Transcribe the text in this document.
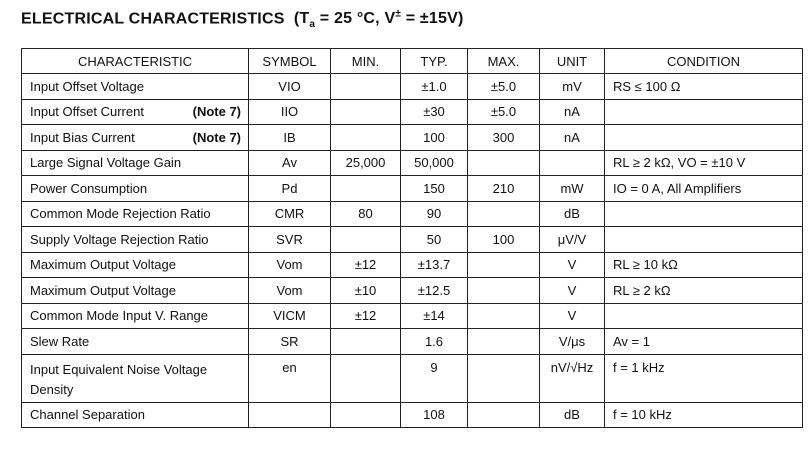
ELECTRICAL CHARACTERISTICS ($T_a = 25$ °C, V± = ±15V)
CHARACTERISTIC	SYMBOL	MIN.	TYP.	MAX.	UNIT	CONDITION
Input Offset Voltage	VIO		±1.0	±5.0	mV	RS ≤ 100 Ω

Input Offset Current (Note 7)	IIO		±30	±5.0	nA	

Input Bias Current (Note 7)	IB		100	300	nA	
Large Signal Voltage Gain	Av	25,000	50,000			RL ≥ 2 kΩ, VO = ±10 V
Power Consumption	Pd		150	210	mW	IO = 0 A, All Amplifiers
Common Mode Rejection Ratio	CMR	80	90		dB	
Supply Voltage Rejection Ratio	SVR		50	100	μV/V	
Maximum Output Voltage	Vom	±12	±13.7		V	RL ≥ 10 kΩ
Maximum Output Voltage	Vom	±10	±12.5		V	RL ≥ 2 kΩ
Common Mode Input V. Range	VICM	±12	±14		V	
Slew Rate	SR		1.6		V/μs	Av = 1
Input Equivalent Noise Voltage Density	en		9		nV/√Hz	f = 1 kHz
Channel Separation			108		dB	f = 10 kHz
